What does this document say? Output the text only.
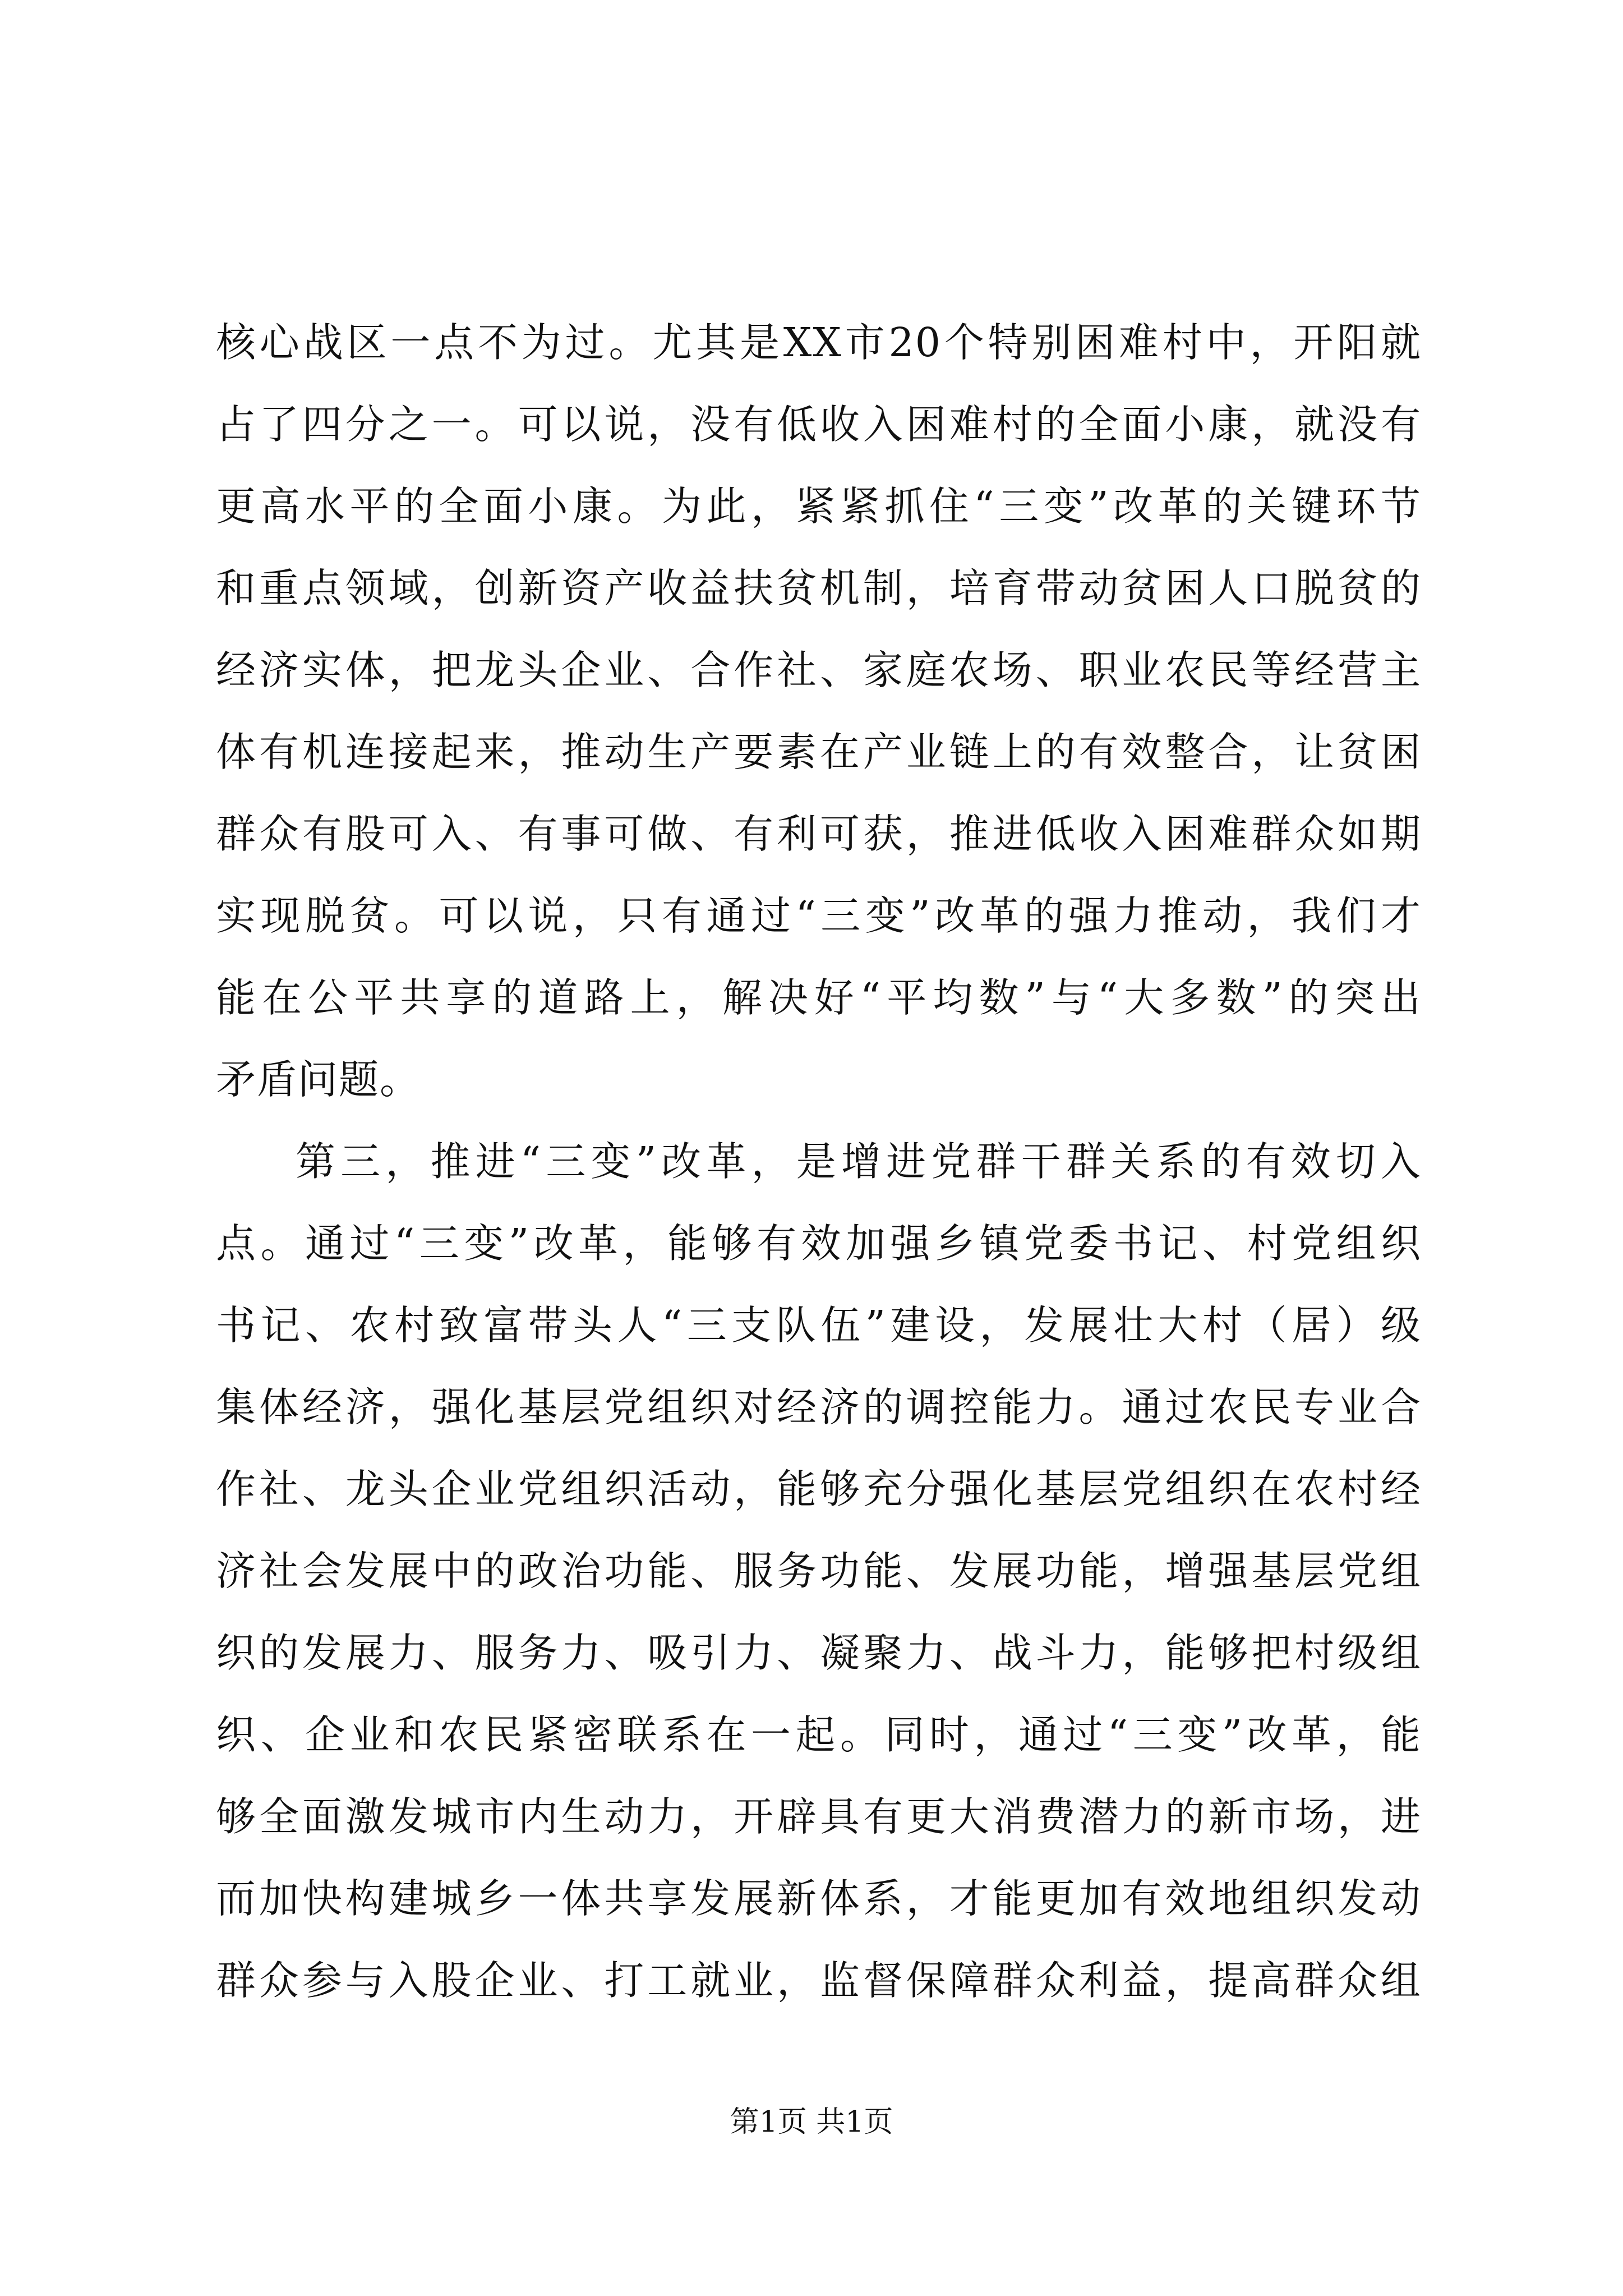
核心战区一点不为过。尤其是XX市20个特别困难村中，开阳就
占了四分之一。可以说，没有低收入困难村的全面小康，就没有
更高水平的全面小康。为此，紧紧抓住“三变”改革的关键环节
和重点领域，创新资产收益扶贫机制，培育带动贫困人口脱贫的
经济实体，把龙头企业、合作社、家庭农场、职业农民等经营主
体有机连接起来，推动生产要素在产业链上的有效整合，让贫困
群众有股可入、有事可做、有利可获，推进低收入困难群众如期
实现脱贫。可以说，只有通过“三变”改革的强力推动，我们才
能在公平共享的道路上，解决好“平均数”与“大多数”的突出
矛盾问题。
第三，推进“三变”改革，是增进党群干群关系的有效切入
点。通过“三变”改革，能够有效加强乡镇党委书记、村党组织
书记、农村致富带头人“三支队伍”建设，发展壮大村（居）级
集体经济，强化基层党组织对经济的调控能力。通过农民专业合
作社、龙头企业党组织活动，能够充分强化基层党组织在农村经
济社会发展中的政治功能、服务功能、发展功能，增强基层党组
织的发展力、服务力、吸引力、凝聚力、战斗力，能够把村级组
织、企业和农民紧密联系在一起。同时，通过“三变”改革，能
够全面激发城市内生动力，开辟具有更大消费潜力的新市场，进
而加快构建城乡一体共享发展新体系，才能更加有效地组织发动
群众参与入股企业、打工就业，监督保障群众利益，提高群众组
第1页 共1页
